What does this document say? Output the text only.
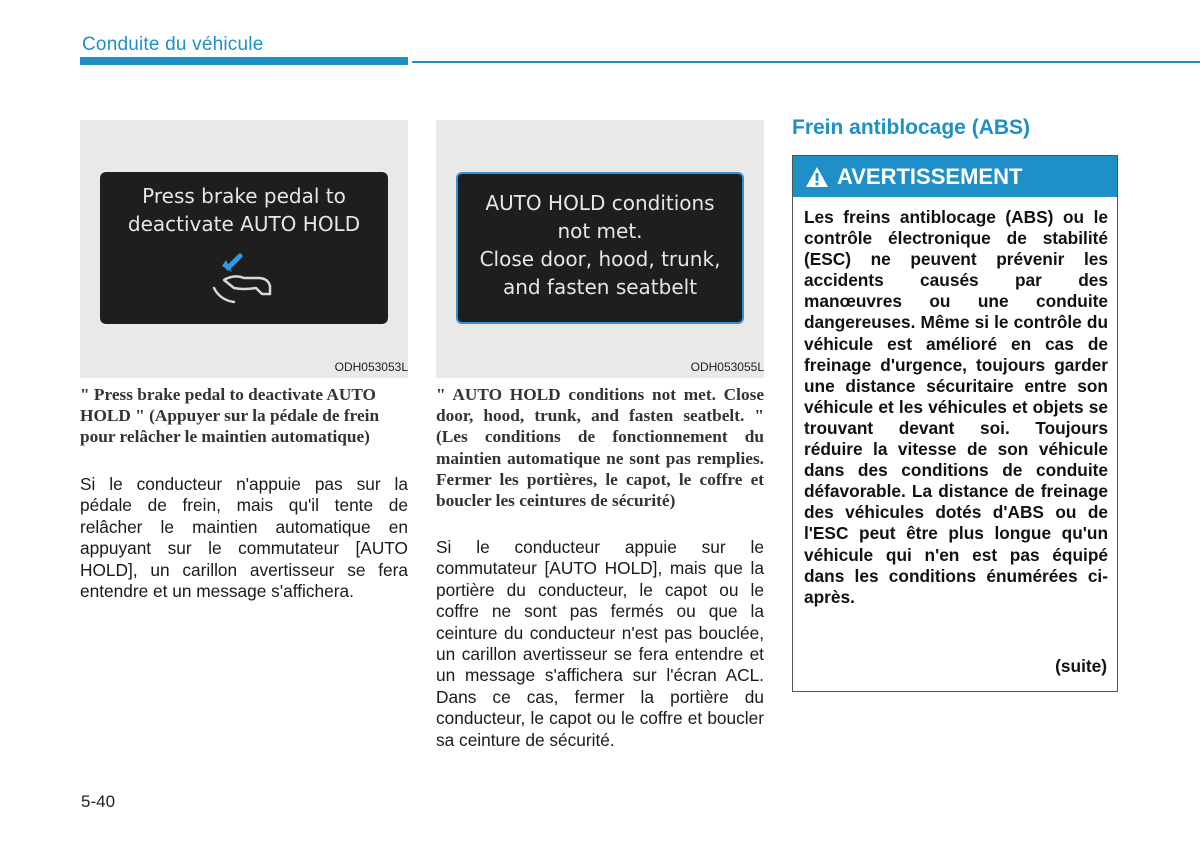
Conduite du véhicule
Press brake pedal to
deactivate AUTO HOLD
ODH053053L
AUTO HOLD conditions
not met.
Close door, hood, trunk,
and fasten seatbelt
ODH053055L
" Press brake pedal to deactivate AUTO HOLD " (Appuyer sur la pédale de frein pour relâcher le maintien automatique)
Si le conducteur n'appuie pas sur la pédale de frein, mais qu'il tente de relâcher le maintien automatique en appuyant sur le commutateur [AUTO HOLD], un carillon avertisseur se fera entendre et un message s'affichera.
" AUTO HOLD conditions not met. Close door, hood, trunk, and fasten seatbelt. " (Les conditions de fonctionnement du maintien automatique ne sont pas remplies. Fermer les portières, le capot, le coffre et boucler les ceintures de sécurité)
Si le conducteur appuie sur le commutateur [AUTO HOLD], mais que la portière du conducteur, le capot ou le coffre ne sont pas fermés ou que la ceinture du conducteur n'est pas bouclée, un carillon avertisseur se fera entendre et un message s'affichera sur l'écran ACL. Dans ce cas, fermer la portière du conducteur, le capot ou le coffre et boucler sa ceinture de sécurité.
Frein antiblocage (ABS)
AVERTISSEMENT
Les freins antiblocage (ABS) ou le contrôle électronique de stabilité (ESC) ne peuvent prévenir les accidents causés par des manœuvres ou une conduite dangereuses. Même si le contrôle du véhicule est amélioré en cas de freinage d'urgence, toujours garder une distance sécuritaire entre son véhicule et les véhicules et objets se trouvant devant soi. Toujours réduire la vitesse de son véhicule dans des conditions de conduite défavorable. La distance de freinage des véhicules dotés d'ABS ou de l'ESC peut être plus longue qu'un véhicule qui n'en est pas équipé dans les conditions énumérées ci-après.
(suite)
5-40
